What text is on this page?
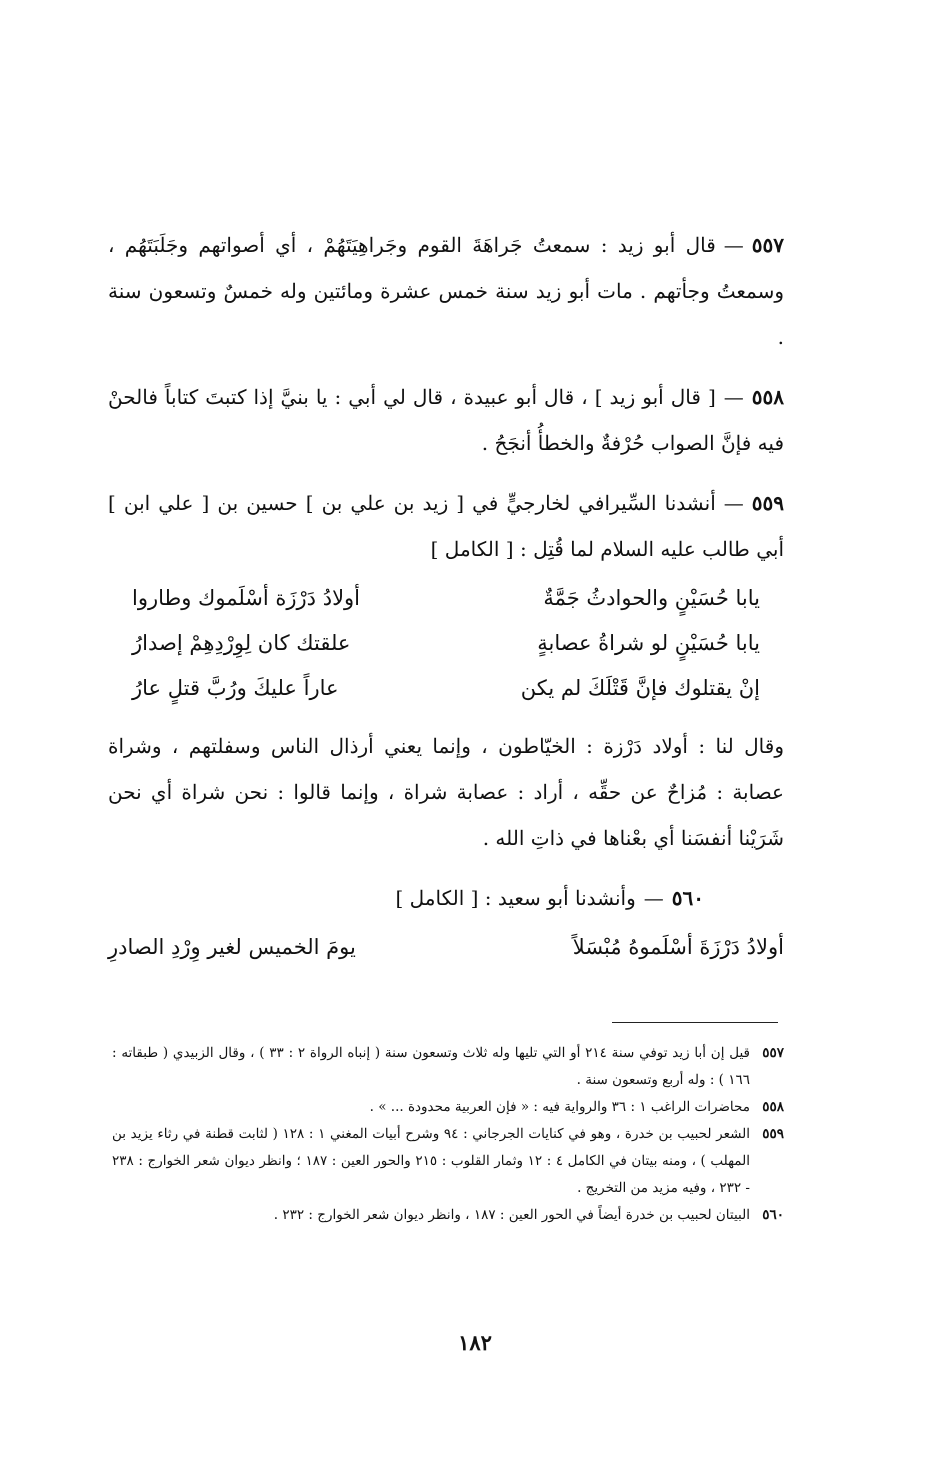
٥٥٧—قال أبو زيد : سمعتُ جَراهَةَ القوم وجَراهِيَتَهُمْ ، أي أصواتهم وجَلَبَتَهُم ، وسمعتُ وجأتهم . مات أبو زيد سنة خمس عشرة ومائتين وله خمسٌ وتسعون سنة .

٥٥٨—[ قال أبو زيد ] ، قال أبو عبيدة ، قال لي أبي : يا بنيَّ إذا كتبتَ كتاباً فالحنْ فيه فإنَّ الصواب حُرْفةٌ والخطأُ أنجَحُ .

٥٥٩—أنشدنا السِّيرافي لخارجيٍّ في [ زيد بن علي بن ] حسين بن [ علي ابن ] أبي طالب عليه السلام لما قُتِل : [ الكامل ]

يابا حُسَيْنٍ والحوادثُ جَمَّةٌ
أولادُ دَرْزَة أسْلَموك وطاروا
يابا حُسَيْنٍ لو شراةُ عصابةٍ
علقتك كان لِوِرْدِهِمْ إصدارُ
إنْ يقتلوك فإنَّ قَتْلَكَ لم يكن
عاراً عليكَ ورُبَّ قتلٍ عارُ

وقال لنا : أولاد دَرْزة : الخيّاطون ، وإنما يعني أرذال الناس وسفلتهم ، وشراة عصابة : مُزاحٌ عن حقِّه ، أراد : عصابة شراة ، وإنما قالوا : نحن شراة أي نحن شَرَيْنا أنفسَنا أي بعْناها في ذاتِ الله .

٥٦٠—وأنشدنا أبو سعيد : [ الكامل ]

أولادُ دَرْزَةَ أسْلَموهُ مُبْسَلاً
يومَ الخميس لغير وِرْدِ الصادرِ
٥٥٧
قيل إن أبا زيد توفي سنة ٢١٤ أو التي تليها وله ثلاث وتسعون سنة ( إنباه الرواة ٢ : ٣٣ ) ، وقال الزبيدي ( طبقاته : ١٦٦ ) : وله أربع وتسعون سنة .
٥٥٨
محاضرات الراغب ١ : ٣٦ والرواية فيه : « فإن العربية محدودة ... » .
٥٥٩
الشعر لحبيب بن خدرة ، وهو في كنايات الجرجاني : ٩٤ وشرح أبيات المغني ١ : ١٢٨ ( لثابت قطنة في رثاء يزيد بن المهلب ) ، ومنه بيتان في الكامل ٤ : ١٢ وثمار القلوب : ٢١٥ والحور العين : ١٨٧ ؛ وانظر ديوان شعر الخوارج : ٢٣٨ - ٢٣٢ ، وفيه مزيد من التخريج .
٥٦٠
البيتان لحبيب بن خدرة أيضاً في الحور العين : ١٨٧ ، وانظر ديوان شعر الخوارج : ٢٣٢ .
١٨٢
